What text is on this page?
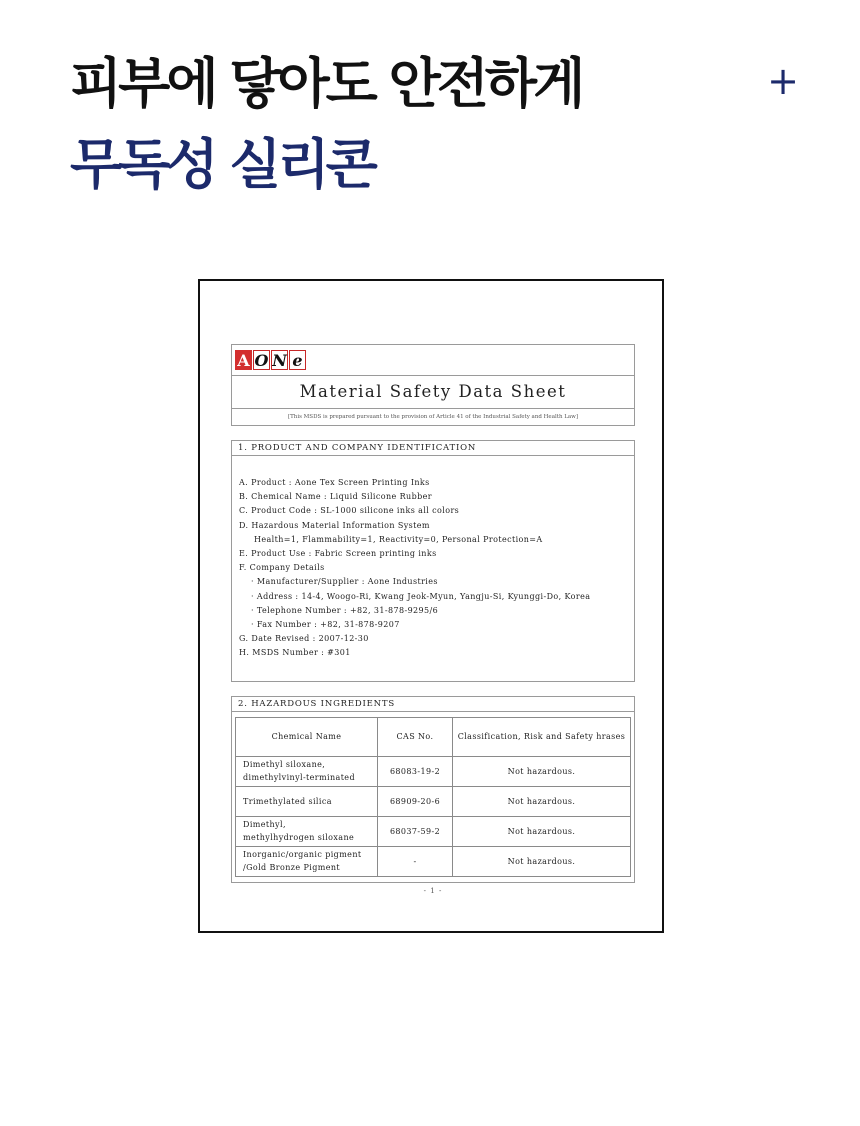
피부에 닿아도 안전하게
무독성 실리콘
+
A O N e
Material Safety Data Sheet
[This MSDS is prepared pursuant to the provision of Article 41 of the Industrial Safety and Health Law]
1. PRODUCT AND COMPANY IDENTIFICATION
A. Product : Aone Tex Screen Printing Inks
B. Chemical Name : Liquid Silicone Rubber
C. Product Code : SL-1000 silicone inks all colors
D. Hazardous Material Information System
Health=1, Flammability=1, Reactivity=0, Personal Protection=A
E. Product Use : Fabric Screen printing inks
F. Company Details
· Manufacturer/Supplier : Aone Industries
· Address : 14-4, Woogo-Ri, Kwang Jeok-Myun, Yangju-Si, Kyunggi-Do, Korea
· Telephone Number : +82, 31-878-9295/6
· Fax Number : +82, 31-878-9207
G. Date Revised : 2007-12-30
H. MSDS Number : #301
2. HAZARDOUS INGREDIENTS
Chemical Name	CAS No.	Classification, Risk and Safety hrases

Dimethyl siloxane,
dimethylvinyl-terminated	68083-19-2	Not hazardous.

Trimethylated silica	68909-20-6	Not hazardous.

Dimethyl,
methylhydrogen siloxane	68037-59-2	Not hazardous.

Inorganic/organic pigment
/Gold Bronze Pigment	-	Not hazardous.
- 1 -
